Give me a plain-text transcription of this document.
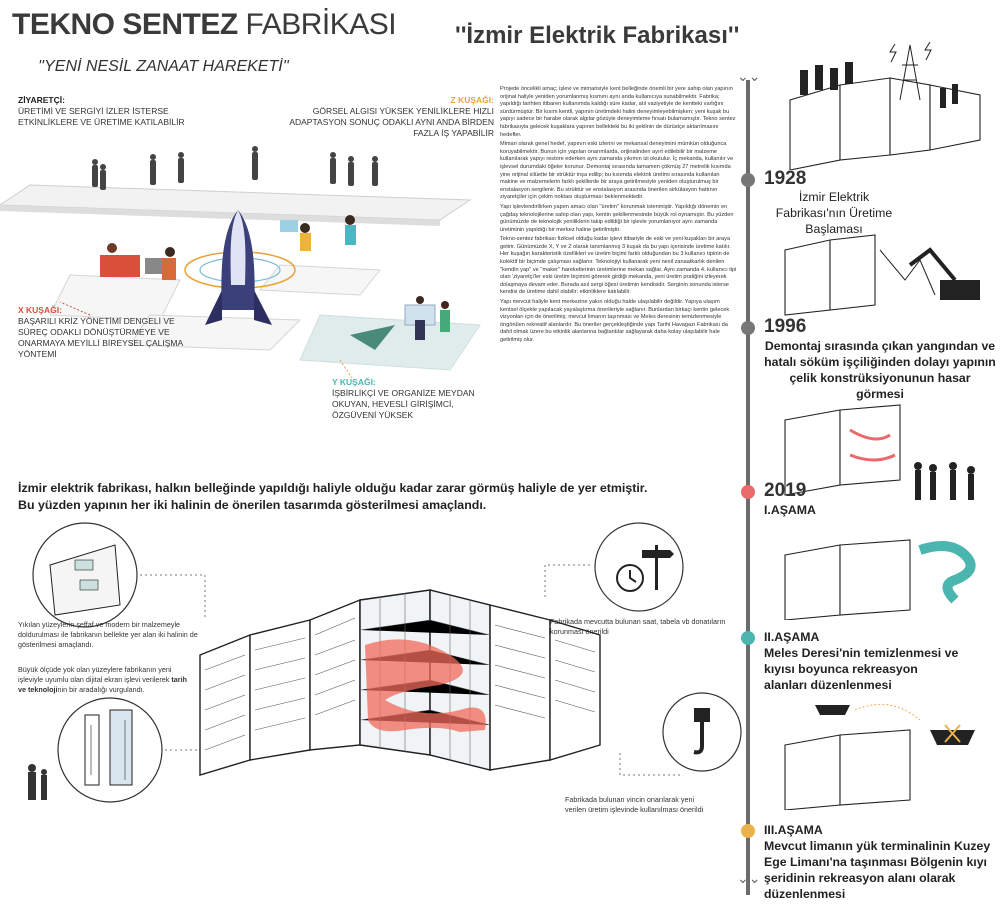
TEKNO SENTEZ FABRİKASI
''YENİ NESİL ZANAAT HAREKETİ''
''İzmir Elektrik Fabrikası''
ZİYARETÇİ:
ÜRETİMİ VE SERGİYİ İZLER İSTERSE ETKİNLİKLERE VE ÜRETİME KATILABİLİR
Z KUŞAĞI:
GÖRSEL ALGISI YÜKSEK YENİLİKLERE HIZLI ADAPTASYON SONUÇ ODAKLI AYNI ANDA BİRDEN FAZLA İŞ YAPABİLİR
X KUŞAĞI:
BAŞARILI KRİZ YÖNETİMİ DENGELİ VE SÜREÇ ODAKLI DÖNÜŞTÜRMEYE VE ONARMAYA MEYİLLİ BİREYSEL ÇALIŞMA YÖNTEMİ
Y KUŞAĞI:
İŞBİRLİKÇİ VE ORGANİZE MEYDAN OKUYAN, HEVESLİ GİRİŞİMCİ, ÖZGÜVENİ YÜKSEK

Projede öncelikli amaç; işlevi ve mimarisiyle kent belleğinde önemli bir yere sahip olan yapının orijinal haliyle yeniden yorumlanmış kısmını aynı anda kullanıcıya sunabilmektir. Fabrika; yapıldığı tarihten itibaren kullanımda kaldığı süre kadar, atıl vaziyetiyle de kentteki varlığını sürdürmüştür. Bir kısım kentli, yapının üretimdeki halini deneyimleyebilmişken; yeni kuşak bu yapıyı sadece bir harabe olarak algılar gözüyle deneyimleme fırsatı bulamamıştır. Tekno sentez fabrikasıyla gelecek kuşaklara yapının bellekteki bu iki şeklinin de dürüstçe aktarılmasını hedefler.

Mimari olarak genel hedef, yapının eski izlerini ve mekansal deneyimini mümkün olduğunca koruyabilmektir. Bunun için yapılan onarımlarda, orijinalinden ayırt edilebilir bir malzeme kullanılarak yapıyı restore ederken aynı zamanda yıkımın izi okutulur. İç mekanda, kullanılır ve işlevsel durumdaki öğeler korunur. Demontaj sırasında tamamen çökmüş 27 metrelik kısımda yine orijinal silüette bir strüktür inşa edilip; bu kısımda elektrik üretimi sırasında kullanılan makine ve malzemelerin farklı şekillerde bir araya getirilmesiyle yeniden oluşturulmuş bir enstalasyon sergilenir. Bu strüktür ve enstalasyon arasında önerilen sirkülasyon hattının ziyaretçiler için çekim noktası oluşturması beklenmektedir.

Yapı işlevlendirilirken yapım amacı olan ''üretim'' korunmak istenmiştir. Yapıldığı dönemin en çağdaş teknolojilerine sahip olan yapı, kentin şekillenmesinde büyük rol oynamıştır. Bu yüzden günümüzde de teknolojik yeniliklerin takip edildiği bir işlevle yorumlanıyor aynı zamanda üretiminin yapıldığı bir merkez haline getirilmiştir.

Tekno-sentez fabrikası fiziksel olduğu kadar işlevi itibariyle de eski ve yeni kuşakları bir araya getirir. Günümüzde X, Y ve Z olarak tanımlanmış 3 kuşak da bu yapı içerisinde üretime katılır. Her kuşağın karakteristik özellikleri ve üretim biçimi farklı olduğundan bu 3 kullanıcı tipinin de kolektif bir biçimde çalışması sağlanır. Teknolojiyi kullanarak yeni nesil zanaatkarlık denilen ''kendin yap'' ve ''maker'' hareketlerinin üretimlerine mekan sağlar. Aynı zamanda 4. kullanıcı tipi olan 'ziyaretçi'ler eski üretim biçimini görerek girdiği mekanda, yeni üretim pratiğini izleyerek dolaşmaya devam eder. Burada asıl sergi öğesi üretimin kendisidir. Serginin sonunda isterse kendisi de üretime dahil olabilir; etkinliklere katılabilir.

Yapı mevcut haliyle kent merkezine yakın olduğu halde ulaşılabilir değildir. Yapıya ulaşım kentsel ölçekte yapılacak yayalaştırma önerileriyle sağlanır. Bunlardan birkaçı kentin gelecek vizyonları için de önerilmiş; mevcut limanın taşınması ve Meles deresinin temizlenmesiyle öngörülen rekreatif alanlardır. Bu öneriler gerçekleştiğinde yapı Tarihi Havagazı Fabrikası da dahil olmak üzere bu etkinlik alanlarına bağlantılar sağlayarak daha kolay ulaşılabilir hale getirilmiş olur.

İzmir elektrik fabrikası, halkın belleğinde yapıldığı haliyle olduğu kadar zarar görmüş haliyle de yer etmiştir.
Bu yüzden yapının her iki halinin de önerilen tasarımda gösterilmesi amaçlandı.
Yıkılan yüzeylerin şeffaf ve modern bir malzemeyle doldurulması ile fabrikanın bellekte yer alan iki halinin de gösterilmesi amaçlandı.
Büyük ölçüde yok olan yüzeylere fabrikanın yeni işleviyle uyumlu olan dijital ekran işlevi verilerek tarih ve teknolojinin bir aradalığı vurgulandı.
Fabrikada mevcutta bulunan saat, tabela vb donatıların korunması önerildi
Fabrikada bulunan vincin onarılarak yeni verilen üretim işlevinde kullanılması önerildi
⌄⌄
⌄⌄
1928
İzmir Elektrik Fabrikası'nın Üretime Başlaması
1996
Demontaj sırasında çıkan yangından ve hatalı söküm işçiliğinden dolayı yapının çelik konstrüksiyonunun hasar görmesi
2019
I.AŞAMA
II.AŞAMA
Meles Deresi'nin temizlenmesi ve kıyısı boyunca rekreasyon alanları düzenlenmesi
III.AŞAMA
Mevcut limanın yük terminalinin Kuzey Ege Limanı'na taşınması Bölgenin kıyı şeridinin rekreasyon alanı olarak düzenlenmesi
